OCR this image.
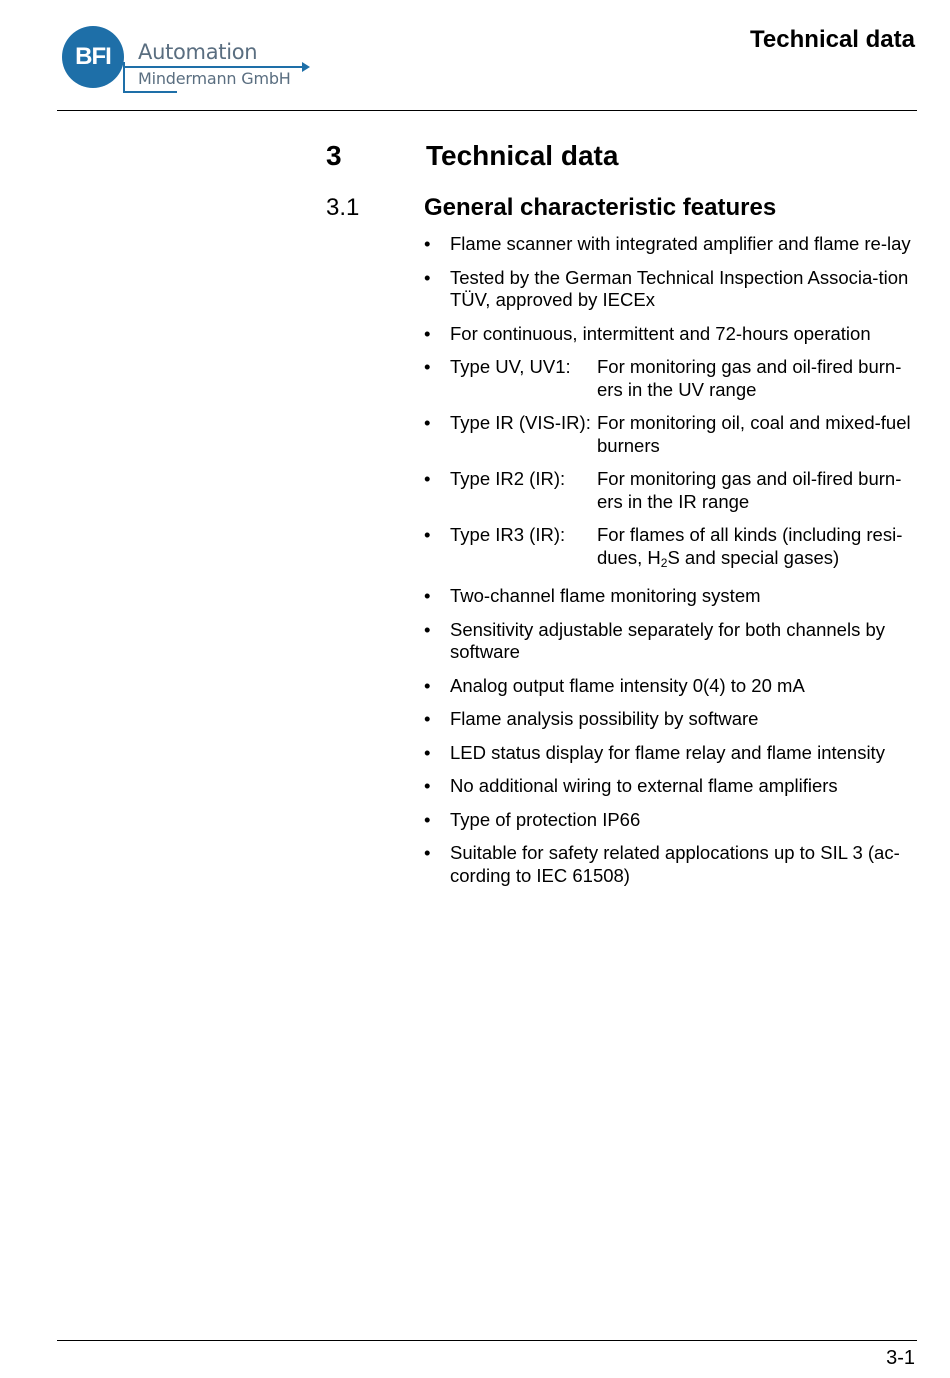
BFI	Automation
Mindermann GmbH
Technical data
3	Technical data
3.1	General characteristic features
• Flame scanner with integrated amplifier and flame re-lay
• Tested by the German Technical Inspection Associa-tion TÜV, approved by IECEx
• For continuous, intermittent and 72-hours operation
• Type UV, UV1:	For monitoring gas and oil-fired burn-ers in the UV range
• Type IR (VIS-IR): For monitoring oil, coal and mixed-fuel burners
• Type IR2 (IR):	For monitoring gas and oil-fired burn-ers in the IR range
• Type IR3 (IR):	For flames of all kinds (including resi-dues, $H_2S$ and special gases)
• Two-channel flame monitoring system
• Sensitivity adjustable separately for both channels by software
• Analog output flame intensity 0(4) to 20 mA
• Flame analysis possibility by software
• LED status display for flame relay and flame intensity
• No additional wiring to external flame amplifiers
• Type of protection IP66
• Suitable for safety related applocations up to SIL 3 (ac-cording to IEC 61508)
3-1
